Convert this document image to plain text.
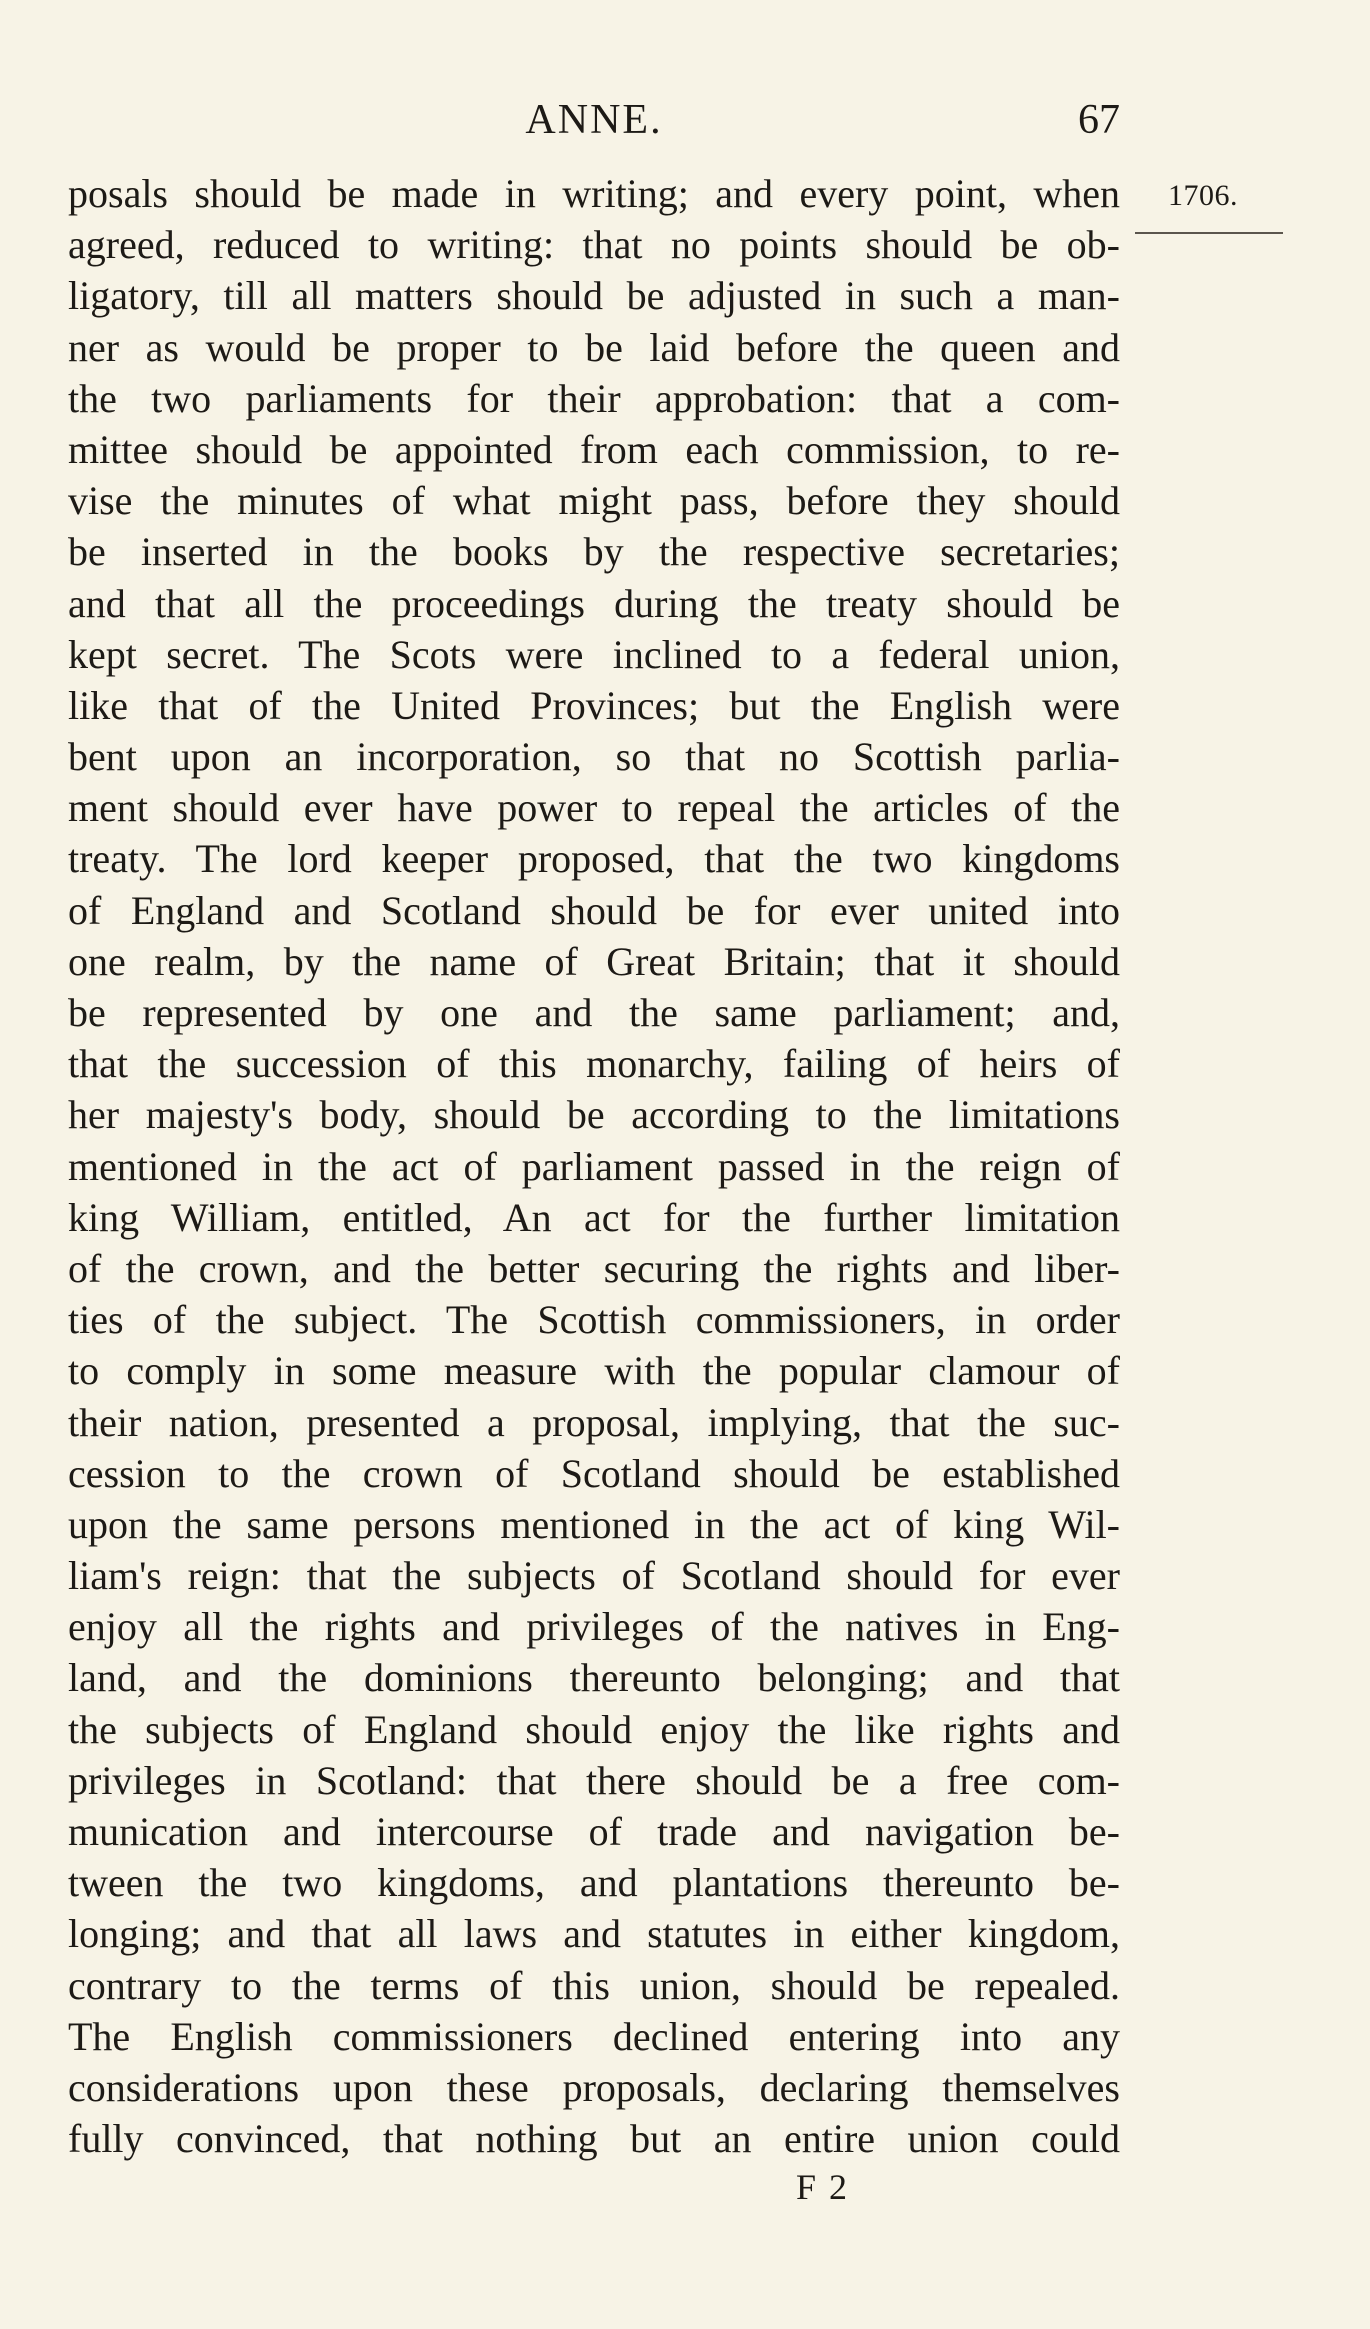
ANNE.	67
1706.
posals should be made in writing; and every point, when
agreed, reduced to writing: that no points should be ob-
ligatory, till all matters should be adjusted in such a man-
ner as would be proper to be laid before the queen and
the two parliaments for their approbation: that a com-
mittee should be appointed from each commission, to re-
vise the minutes of what might pass, before they should
be inserted in the books by the respective secretaries;
and that all the proceedings during the treaty should be
kept secret. The Scots were inclined to a federal union,
like that of the United Provinces; but the English were
bent upon an incorporation, so that no Scottish parlia-
ment should ever have power to repeal the articles of the
treaty. The lord keeper proposed, that the two kingdoms
of England and Scotland should be for ever united into
one realm, by the name of Great Britain; that it should
be represented by one and the same parliament; and,
that the succession of this monarchy, failing of heirs of
her majesty's body, should be according to the limitations
mentioned in the act of parliament passed in the reign of
king William, entitled, An act for the further limitation
of the crown, and the better securing the rights and liber-
ties of the subject. The Scottish commissioners, in order
to comply in some measure with the popular clamour of
their nation, presented a proposal, implying, that the suc-
cession to the crown of Scotland should be established
upon the same persons mentioned in the act of king Wil-
liam's reign: that the subjects of Scotland should for ever
enjoy all the rights and privileges of the natives in Eng-
land, and the dominions thereunto belonging; and that
the subjects of England should enjoy the like rights and
privileges in Scotland: that there should be a free com-
munication and intercourse of trade and navigation be-
tween the two kingdoms, and plantations thereunto be-
longing; and that all laws and statutes in either kingdom,
contrary to the terms of this union, should be repealed.
The English commissioners declined entering into any
considerations upon these proposals, declaring themselves
fully convinced, that nothing but an entire union could
F 2
